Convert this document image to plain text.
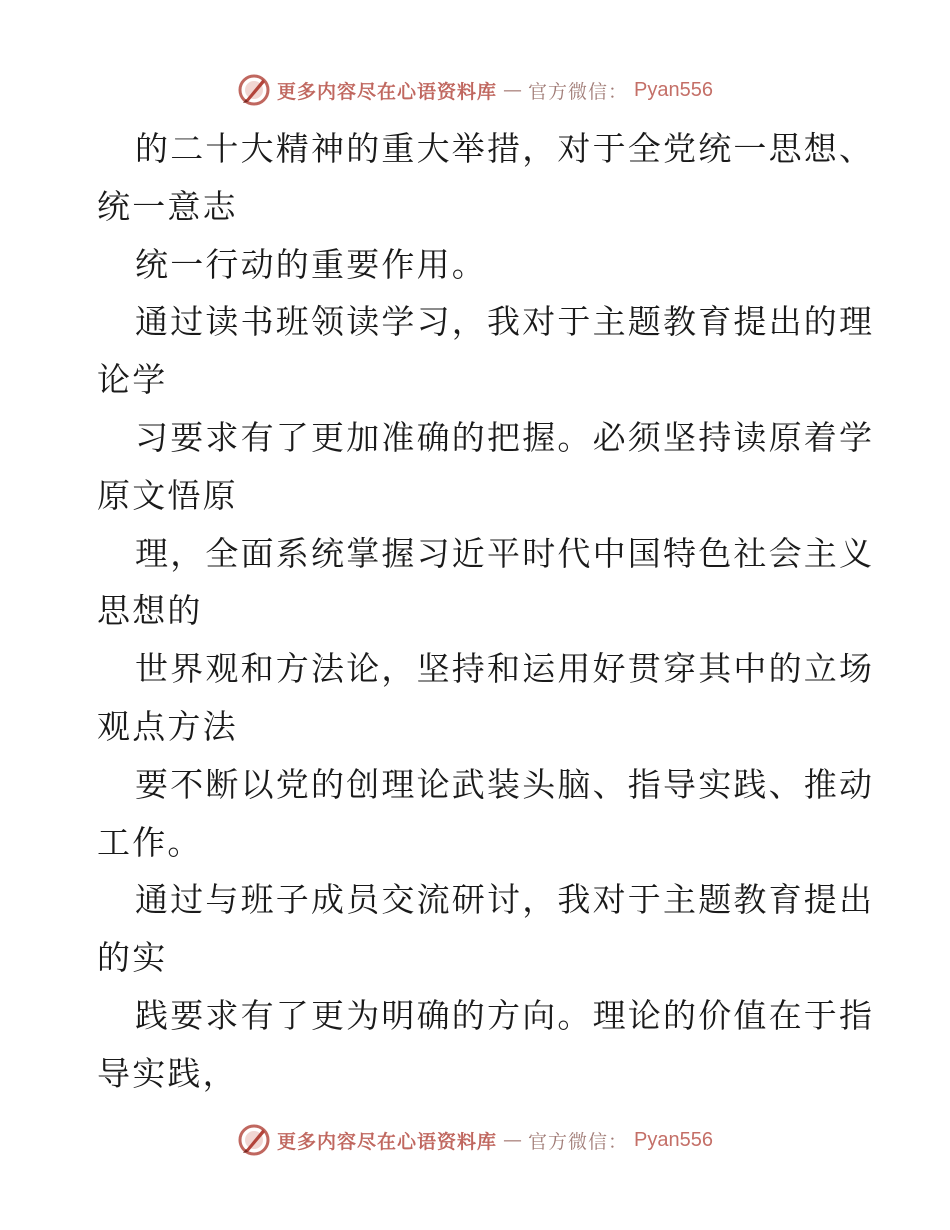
更多内容尽在心语资料库 — 官方微信： Pyan556
的二十大精神的重大举措，对于全党统一思想、
统一意志
统一行动的重要作用。
通过读书班领读学习，我对于主题教育提出的理
论学
习要求有了更加准确的把握。必须坚持读原着学
原文悟原
理，全面系统掌握习近平时代中国特色社会主义
思想的
世界观和方法论，坚持和运用好贯穿其中的立场
观点方法
要不断以党的创理论武装头脑、指导实践、推动
工作。
通过与班子成员交流研讨，我对于主题教育提出
的实
践要求有了更为明确的方向。理论的价值在于指
导实践，
更多内容尽在心语资料库 — 官方微信： Pyan556
